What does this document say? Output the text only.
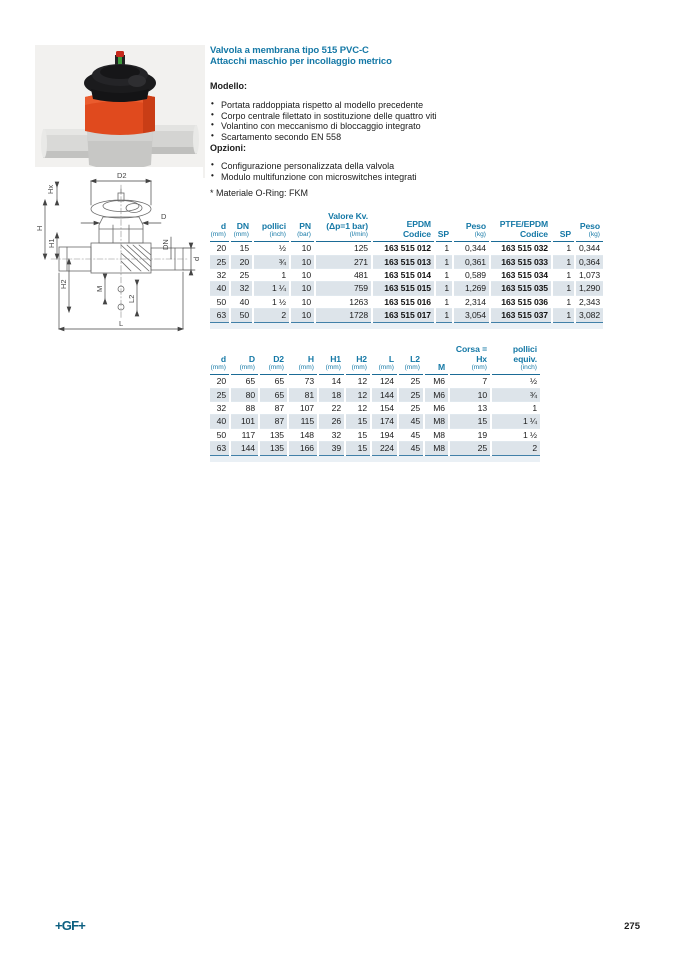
D2
Hx
H
H1
H2
D
DN
d
M
L2
L
Valvola a membrana tipo 515 PVC-C
Attacchi maschio per incollaggio metrico
Modello:
• Portata raddoppiata rispetto al modello precedente
• Corpo centrale filettato in sostituzione delle quattro viti
• Volantino con meccanismo di bloccaggio integrato
• Scartamento secondo EN 558
Opzioni:
• Configurazione personalizzata della valvola
• Modulo multifunzione con microswitches integrati
* Materiale O-Ring: FKM
d
(mm)

DN
(mm)

pollici
(inch)

PN
(bar)

Valore Kv.
(Δp=1 bar)
(l/min)

EPDM
Codice	SP

Peso
(kg)

PTFE/EPDM
Codice	SP

Peso
(kg)

20	15	½	10	125	163 515 012	1	0,344	163 515 032	1	0,344
25	20	¾	10	271	163 515 013	1	0,361	163 515 033	1	0,364
32	25	1	10	481	163 515 014	1	0,589	163 515 034	1	1,073
40	32	1 ¼	10	759	163 515 015	1	1,269	163 515 035	1	1,290
50	40	1 ½	10	1263	163 515 016	1	2,314	163 515 036	1	2,343
63	50	2	10	1728	163 515 017	1	3,054	163 515 037	1	3,082
d
(mm)

D
(mm)

D2
(mm)

H
(mm)

H1
(mm)

H2
(mm)

L
(mm)

L2
(mm)	M

Corsa =
Hx
(mm)

pollici
equiv.
(inch)

20	65	65	73	14	12	124	25	M6	7	½
25	80	65	81	18	12	144	25	M6	10	¾
32	88	87	107	22	12	154	25	M6	13	1
40	101	87	115	26	15	174	45	M8	15	1 ¼
50	117	135	148	32	15	194	45	M8	19	1 ½
63	144	135	166	39	15	224	45	M8	25	2
+GF+	275
